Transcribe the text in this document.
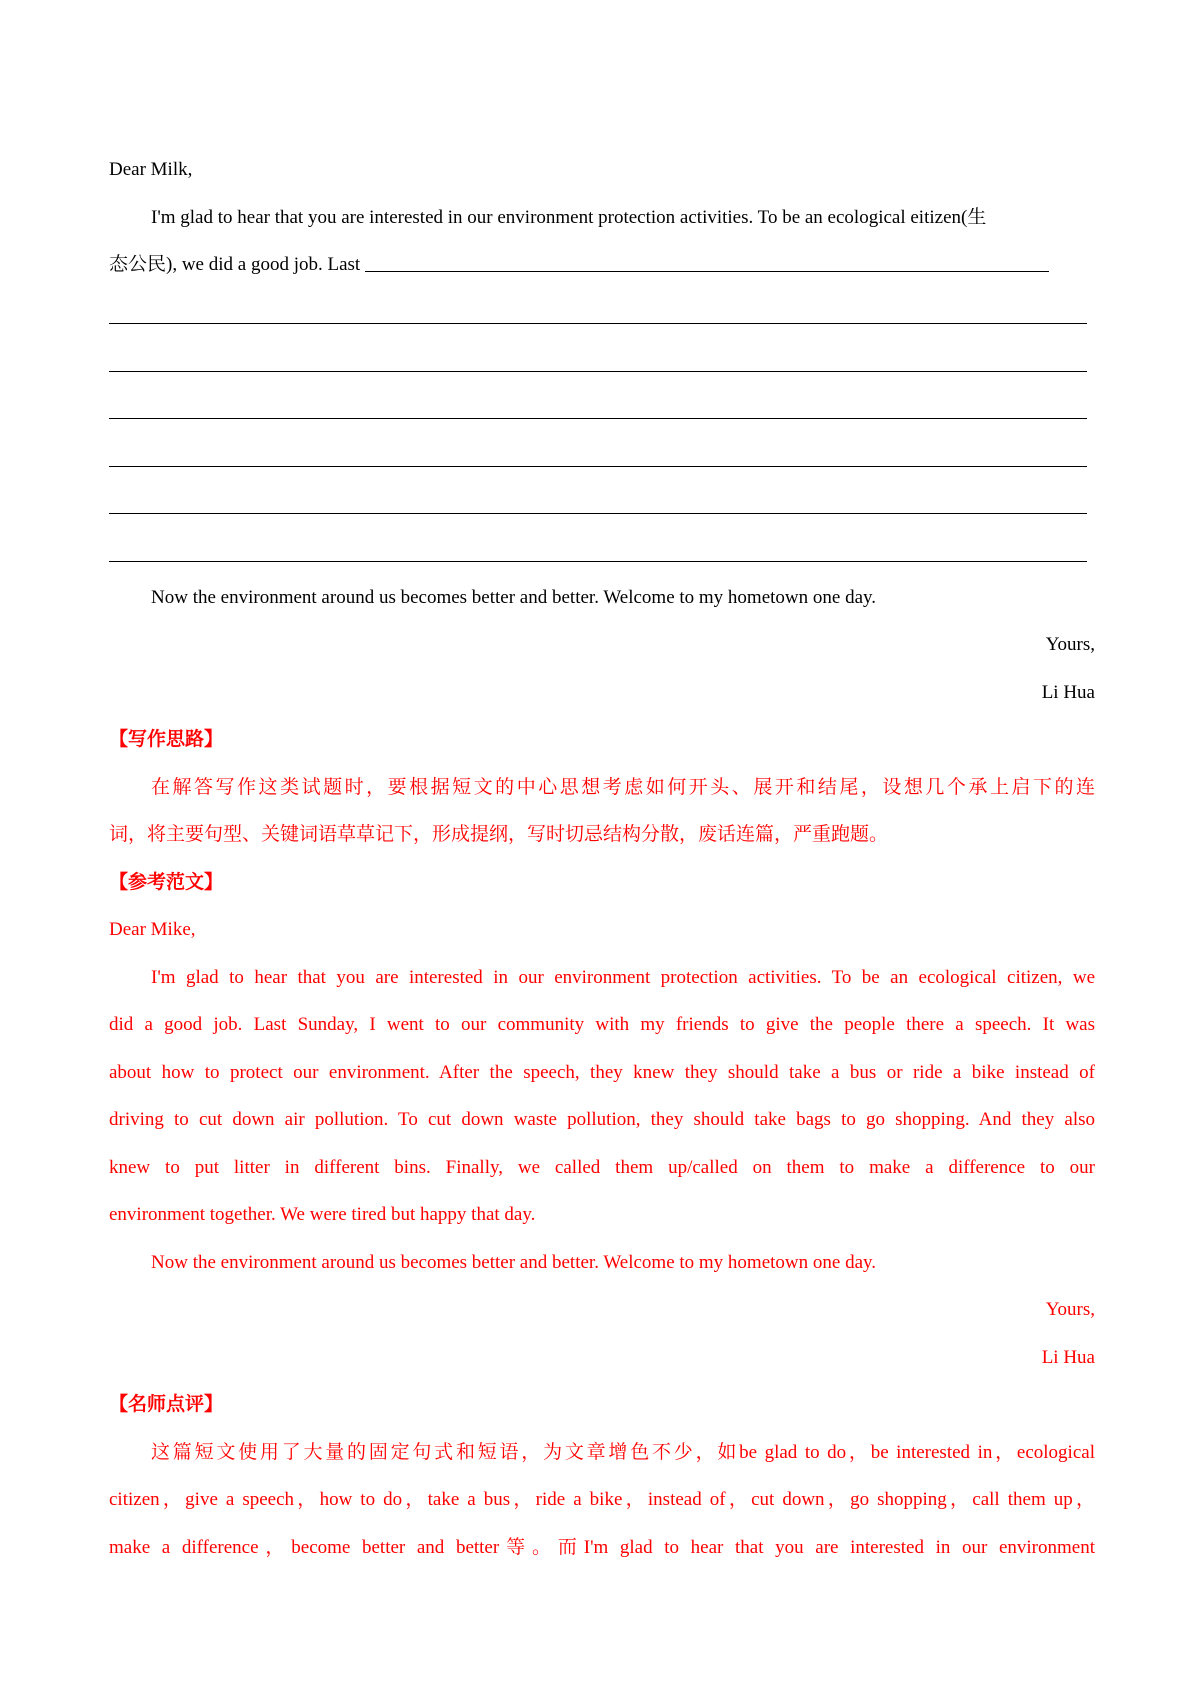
Dear Milk,
I'm glad to hear that you are interested in our environment protection activities. To be an ecological eitizen(生
态公民), we did a good job. Last
Now the environment around us becomes better and better. Welcome to my hometown one day.
Yours,
Li Hua
【写作思路】
在解答写作这类试题时，要根据短文的中心思想考虑如何开头、展开和结尾，设想几个承上启下的连
词，将主要句型、关键词语草草记下，形成提纲，写时切忌结构分散，废话连篇，严重跑题。
【参考范文】
Dear Mike,
I'm glad to hear that you are interested in our environment protection activities. To be an ecological citizen, we
did a good job. Last Sunday, I went to our community with my friends to give the people there a speech. It was
about how to protect our environment. After the speech, they knew they should take a bus or ride a bike instead of
driving to cut down air pollution. To cut down waste pollution, they should take bags to go shopping. And they also
knew to put litter in different bins. Finally, we called them up/called on them to make a difference to our
environment together. We were tired but happy that day.
Now the environment around us becomes better and better. Welcome to my hometown one day.
Yours,
Li Hua
【名师点评】
这篇短文使用了大量的固定句式和短语，为文章增色不少，如be glad to do，be interested in，ecological
citizen，give a speech，how to do，take a bus，ride a bike，instead of，cut down，go shopping，call them up，
make a difference，become better and better等。而I'm glad to hear that you are interested in our environment
